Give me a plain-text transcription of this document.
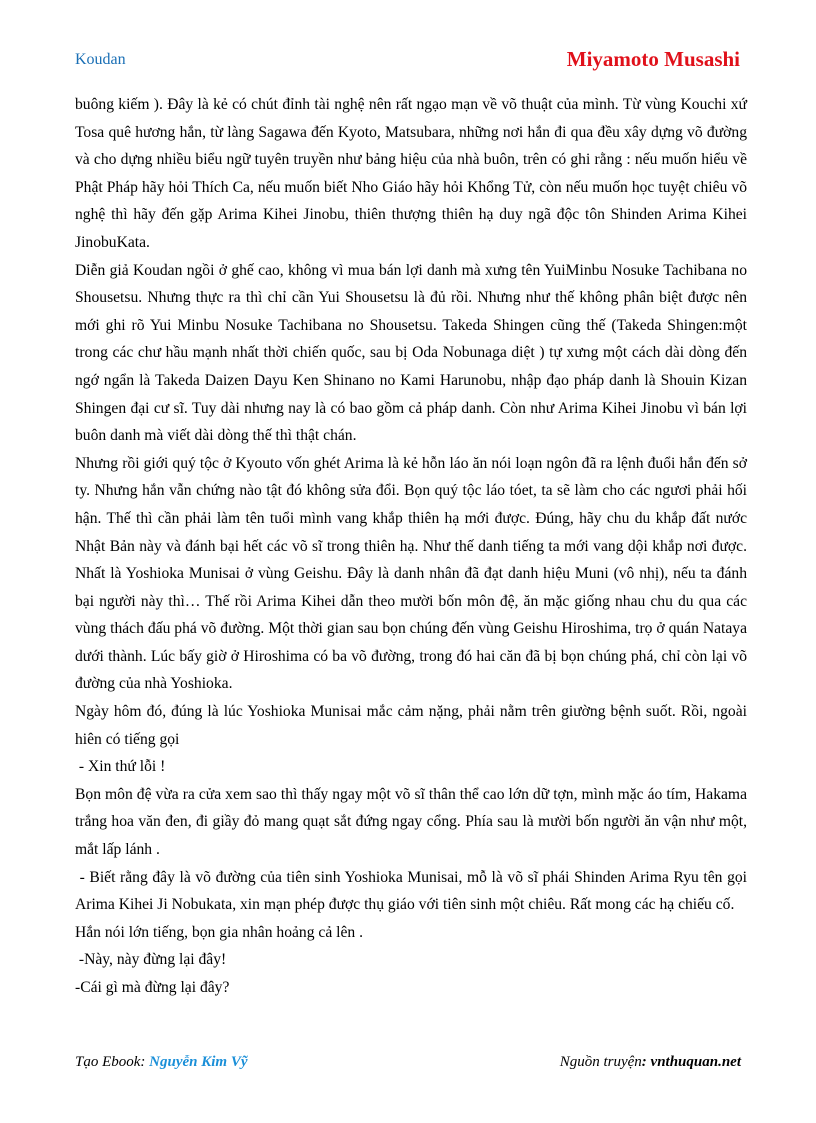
Koudan	Miyamoto Musashi

buông kiếm ). Đây là kẻ có chút đỉnh tài nghệ nên rất ngạo mạn về võ thuật của mình. Từ vùng Kouchi xứ Tosa quê hương hắn, từ làng Sagawa đến Kyoto, Matsubara, những nơi hắn đi qua đều xây dựng võ đường và cho dựng nhiều biểu ngữ tuyên truyền như bảng hiệu của nhà buôn, trên có ghi rằng : nếu muốn hiểu về Phật Pháp hãy hỏi Thích Ca, nếu muốn biết Nho Giáo hãy hỏi Khổng Tử, còn nếu muốn học tuyệt chiêu võ nghệ thì hãy đến gặp Arima Kihei Jinobu, thiên thượng thiên hạ duy ngã độc tôn Shinden Arima Kihei JinobuKata.

Diễn giả Koudan ngồi ở ghế cao, không vì mua bán lợi danh mà xưng tên YuiMinbu Nosuke Tachibana no Shousetsu. Nhưng thực ra thì chỉ cần Yui Shousetsu là đủ rồi. Nhưng như thế không phân biệt được nên mới ghi rõ Yui Minbu Nosuke Tachibana no Shousetsu. Takeda Shingen cũng thế (Takeda Shingen:một trong các chư hầu mạnh nhất thời chiến quốc, sau bị Oda Nobunaga diệt ) tự xưng một cách dài dòng đến ngớ ngẩn là Takeda Daizen Dayu Ken Shinano no Kami Harunobu, nhập đạo pháp danh là Shouin Kizan Shingen đại cư sĩ. Tuy dài nhưng nay là có bao gồm cả pháp danh. Còn như Arima Kihei Jinobu vì bán lợi buôn danh mà viết dài dòng thế thì thật chán.

Nhưng rồi giới quý tộc ở Kyouto vốn ghét Arima là kẻ hỗn láo ăn nói loạn ngôn đã ra lệnh đuổi hắn đến sở ty. Nhưng hắn vẫn chứng nào tật đó không sửa đổi. Bọn quý tộc láo tóet, ta sẽ làm cho các ngươi phải hối hận. Thế thì cần phải làm tên tuổi mình vang khắp thiên hạ mới được. Đúng, hãy chu du khắp đất nước Nhật Bản này và đánh bại hết các võ sĩ trong thiên hạ. Như thế danh tiếng ta mới vang dội khắp nơi được. Nhất là Yoshioka Munisai ở vùng Geishu. Đây là danh nhân đã đạt danh hiệu Muni (vô nhị), nếu ta đánh bại người này thì… Thế rồi Arima Kihei dẫn theo mười bốn môn đệ, ăn mặc giống nhau chu du qua các vùng thách đấu phá võ đường. Một thời gian sau bọn chúng đến vùng Geishu Hiroshima, trọ ở quán Nataya dưới thành. Lúc bấy giờ ở Hiroshima có ba võ đường, trong đó hai căn đã bị bọn chúng phá, chỉ còn lại võ đường của nhà Yoshioka.

Ngày hôm đó, đúng là lúc Yoshioka Munisai mắc cảm nặng, phải nằm trên giường bệnh suốt. Rồi, ngoài hiên có tiếng gọi

- Xin thứ lỗi !

Bọn môn đệ vừa ra cửa xem sao thì thấy ngay một võ sĩ thân thể cao lớn dữ tợn, mình mặc áo tím, Hakama trắng hoa văn đen, đi giầy đỏ mang quạt sắt đứng ngay cổng. Phía sau là mười bốn người ăn vận như một, mắt lấp lánh .

- Biết rằng đây là võ đường của tiên sinh Yoshioka Munisai, mỗ là võ sĩ phái Shinden Arima Ryu tên gọi Arima Kihei Ji Nobukata, xin mạn phép được thụ giáo với tiên sinh một chiêu. Rất mong các hạ chiếu cố.

Hắn nói lớn tiếng, bọn gia nhân hoảng cả lên .

-Này, này đừng lại đây!

-Cái gì mà đừng lại đây?

Tạo Ebook: Nguyễn Kim Vỹ	Nguồn truyện: vnthuquan.net
